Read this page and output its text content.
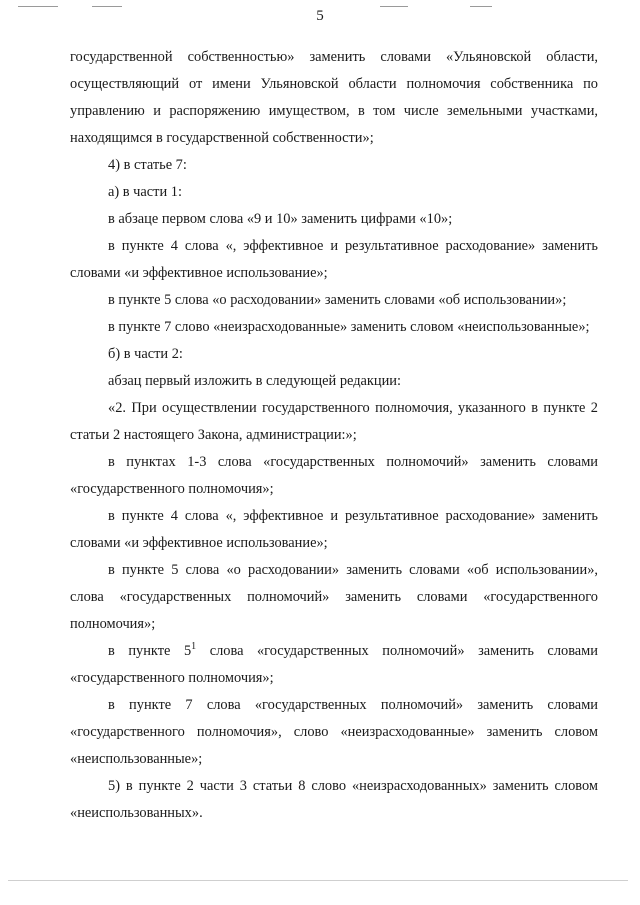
5

государственной собственностью» заменить словами «Ульяновской области, осуществляющий от имени Ульяновской области полномочия собственника по управлению и распоряжению имуществом, в том числе земельными участками, находящимся в государственной собственности»;

4) в статье 7:

а) в части 1:

в абзаце первом слова «9 и 10» заменить цифрами «10»;

в пункте 4 слова «, эффективное и результативное расходование» заменить словами «и эффективное использование»;

в пункте 5 слова «о расходовании» заменить словами «об использовании»;

в пункте 7 слово «неизрасходованные» заменить словом «неиспользованные»;

б) в части 2:

абзац первый изложить в следующей редакции:

«2. При осуществлении государственного полномочия, указанного в пункте 2 статьи 2 настоящего Закона, администрации:»;

в пунктах 1-3 слова «государственных полномочий» заменить словами «государственного полномочия»;

в пункте 4 слова «, эффективное и результативное расходование» заменить словами «и эффективное использование»;

в пункте 5 слова «о расходовании» заменить словами «об использовании», слова «государственных полномочий» заменить словами «государственного полномочия»;

в пункте $5^1$ слова «государственных полномочий» заменить словами «государственного полномочия»;

в пункте 7 слова «государственных полномочий» заменить словами «государственного полномочия», слово «неизрасходованные» заменить словом «неиспользованные»;

5) в пункте 2 части 3 статьи 8 слово «неизрасходованных» заменить словом «неиспользованных».
